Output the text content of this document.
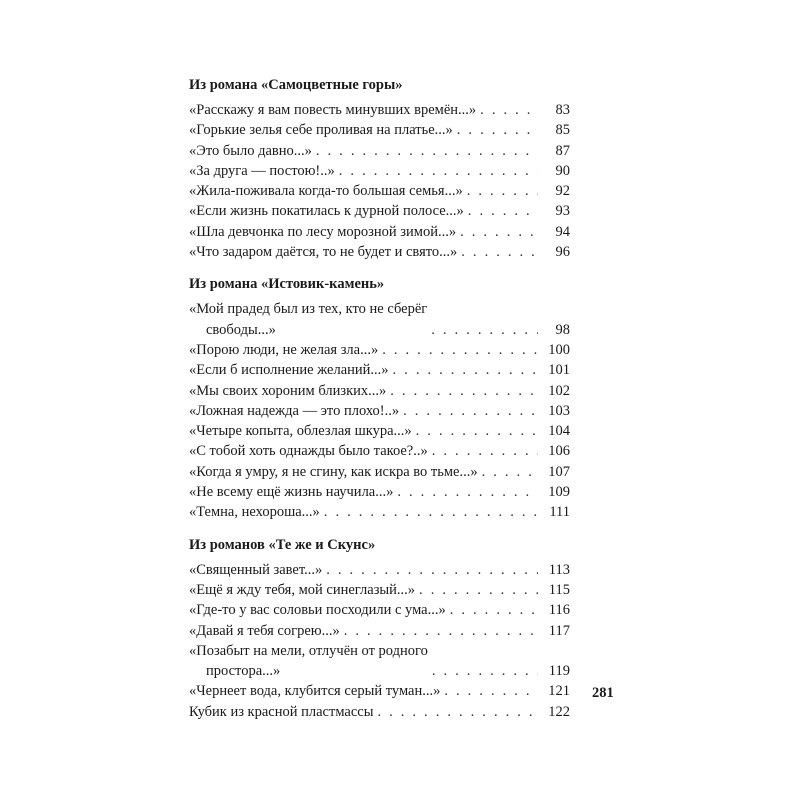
Из романа «Самоцветные горы»
«Расскажу я вам повесть минувших времён...» . . .	83
«Горькие зелья себе проливая на платье...» . . .	85
«Это было давно...» . . .	87
«За друга — постою!..» . . .	90
«Жила-поживала когда-то большая семья...» . . .	92
«Если жизнь покатилась к дурной полосе...» . . .	93
«Шла девчонка по лесу морозной зимой...» . . .	94
«Что задаром даётся, то не будет и свято...» . . .	96
Из романа «Истовик-камень»
«Мой прадед был из тех, кто не сберёг
свободы...» . . .	98
«Порою люди, не желая зла...» . . .	100
«Если б исполнение желаний...» . . .	101
«Мы своих хороним близких...» . . .	102
«Ложная надежда — это плохо!..» . . .	103
«Четыре копыта, облезлая шкура...» . . .	104
«С тобой хоть однажды было такое?..» . . .	106
«Когда я умру, я не сгину, как искра во тьме...» . . .	107
«Не всему ещё жизнь научила...» . . .	109
«Темна, нехороша...» . . .	111
Из романов «Те же и Скунс»
«Священный завет...» . . .	113
«Ещё я жду тебя, мой синеглазый...» . . .	115
«Где-то у вас соловьи посходили с ума...» . . .	116
«Давай я тебя согрею...» . . .	117
«Позабыт на мели, отлучён от родного
простора...» . . .	119
«Чернеет вода, клубится серый туман...» . . .	121
Кубик из красной пластмассы . . .	122
281
